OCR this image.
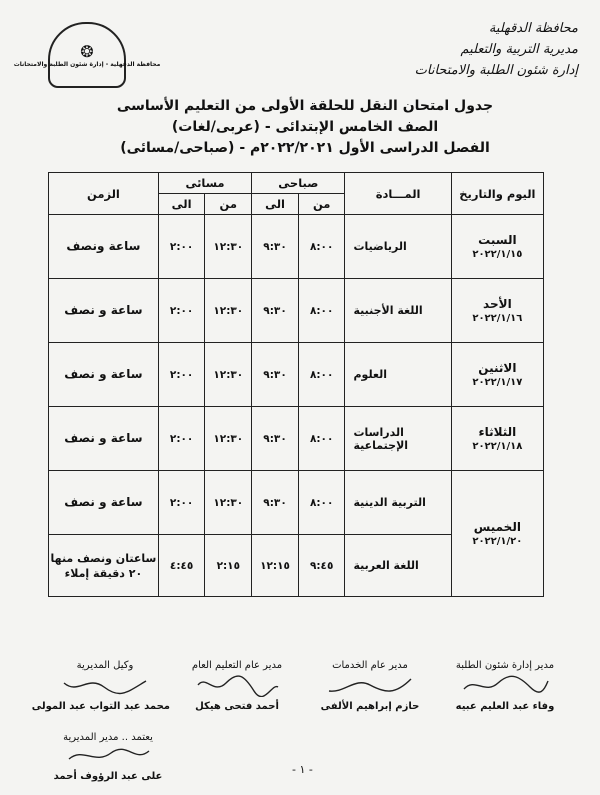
❂
محافظة الدقهلية - إدارة شئون الطلبة والامتحانات
محافظة الدقهلية
مديرية التربية والتعليم
إدارة شئون الطلبة والامتحانات
جدول امتحان النقل للحلقة الأولى من التعليم الأساسى
الصف الخامس الإبتدائى - (عربى/لغات)
الفصل الدراسى الأول ٢٠٢٢/٢٠٢١م - (صباحى/مسائى)
اليوم والتاريخ	المـــادة	صباحى		مسائى		الزمن
		من	الى	من	الى	

السبت
٢٠٢٢/١/١٥	الرياضيات	٨:٠٠	٩:٣٠	١٢:٣٠	٢:٠٠	ساعة ونصف

الأحد
٢٠٢٢/١/١٦	اللغة الأجنبية	٨:٠٠	٩:٣٠	١٢:٣٠	٢:٠٠	ساعة و نصف

الاثنين
٢٠٢٢/١/١٧	العلوم	٨:٠٠	٩:٣٠	١٢:٣٠	٢:٠٠	ساعة و نصف

الثلاثاء
٢٠٢٢/١/١٨	الدراسات الإجتماعية	٨:٠٠	٩:٣٠	١٢:٣٠	٢:٠٠	ساعة و نصف

الخميس
٢٠٢٢/١/٢٠	التربية الدينية	٨:٠٠	٩:٣٠	١٢:٣٠	٢:٠٠	ساعة و نصف
	اللغة العربية	٩:٤٥	١٢:١٥	٢:١٥	٤:٤٥	ساعتان ونصف منها ٢٠ دقيقة إملاء
مدير إدارة شئون الطلبة
وفاء عبد العليم عبيه
مدير عام الخدمات
حازم إبراهيم الألفى
مدير عام التعليم العام
أحمد فتحى هيكل
وكيل المديرية
محمد عبد التواب عبد المولى
يعتمد .. مدير المديرية
على عبد الرؤوف أحمد
- ١ -
